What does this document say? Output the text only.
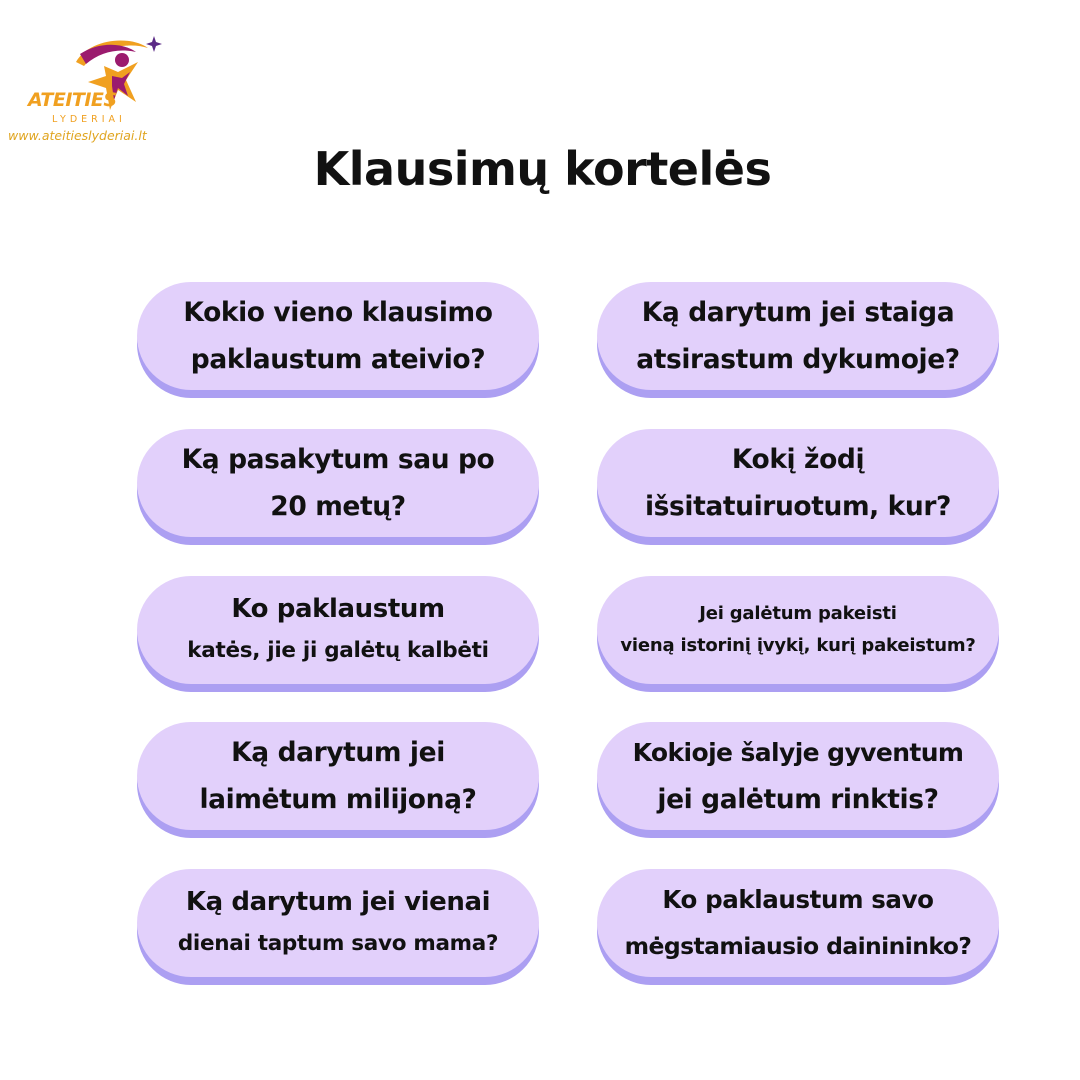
ATEITIES
LYDERIAI
www.ateitieslyderiai.lt
Klausimų kortelės
Kokio vieno klausimo
paklaustum ateivio?
Ką darytum jei staiga
atsirastum dykumoje?
Ką pasakytum sau po
20 metų?
Kokį žodį
išsitatuiruotum, kur?
Ko paklaustum
katės, jie ji galėtų kalbėti
Jei galėtum pakeisti
vieną istorinį įvykį, kurį pakeistum?
Ką darytum jei
laimėtum milijoną?
Kokioje šalyje gyventum
jei galėtum rinktis?
Ką darytum jei vienai
dienai taptum savo mama?
Ko paklaustum savo
mėgstamiausio dainininko?
